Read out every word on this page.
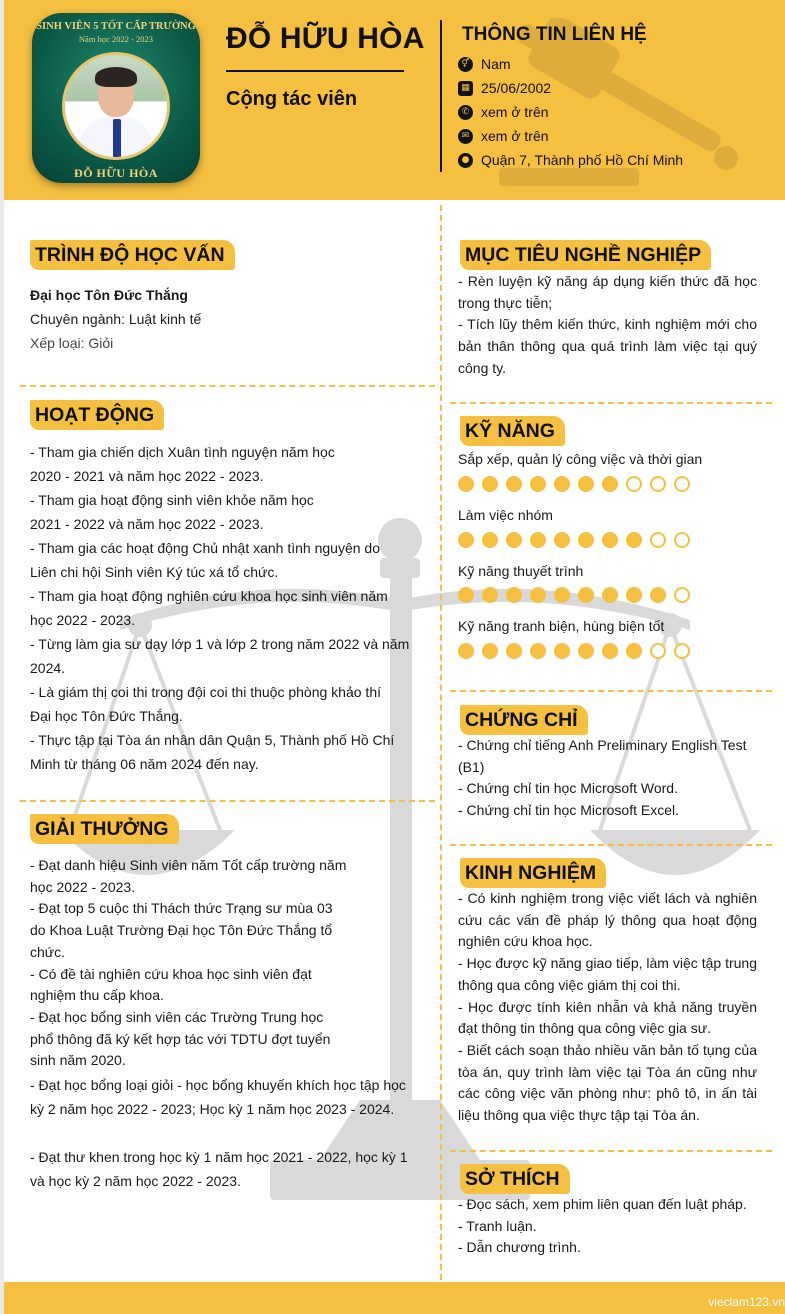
SINH VIÊN 5 TỐT CẤP TRƯỜNG
Năm học 2022 - 2023
ĐỖ HỮU HÒA
ĐỖ HỮU HÒA
Cộng tác viên
THÔNG TIN LIÊN HỆ
⚥ Nam
▦ 25/06/2002
✆ xem ở trên
✉ xem ở trên
● Quận 7, Thành phố Hồ Chí Minh
TRÌNH ĐỘ HỌC VẤN
Đại học Tôn Đức Thắng
Chuyên ngành: Luật kinh tế
Xếp loại: Giỏi
HOẠT ĐỘNG

- Tham gia chiến dịch Xuân tình nguyện năm học

2020 - 2021 và năm học 2022 - 2023.

- Tham gia hoạt động sinh viên khỏe năm học

2021 - 2022 và năm học 2022 - 2023.

- Tham gia các hoạt động Chủ nhật xanh tình nguyện do

Liên chi hội Sinh viên Ký túc xá tổ chức.

- Tham gia hoạt động nghiên cứu khoa học sinh viên năm

học 2022 - 2023.

- Từng làm gia sư dạy lớp 1 và lớp 2 trong năm 2022 và năm

2024.

- Là giám thị coi thi trong đội coi thi thuộc phòng khảo thí

Đại học Tôn Đức Thắng.

- Thực tập tại Tòa án nhân dân Quận 5, Thành phố Hồ Chí

Minh từ tháng 06 năm 2024 đến nay.

GIẢI THƯỞNG

- Đạt danh hiệu Sinh viên năm Tốt cấp trường năm

học 2022 - 2023.

- Đạt top 5 cuộc thi Thách thức Trạng sư mùa 03

do Khoa Luật Trường Đại học Tôn Đức Thắng tổ

chức.

- Có đề tài nghiên cứu khoa học sinh viên đạt

nghiệm thu cấp khoa.

- Đạt học bổng sinh viên các Trường Trung học

phổ thông đã ký kết hợp tác với TDTU đợt tuyển

sinh năm 2020.

- Đạt học bổng loại giỏi - học bổng khuyến khích học tập học

kỳ 2 năm học 2022 - 2023; Học kỳ 1 năm học 2023 - 2024.

- Đạt thư khen trong học kỳ 1 năm học 2021 - 2022, học kỳ 1

và học kỳ 2 năm học 2022 - 2023.

MỤC TIÊU NGHỀ NGHIỆP

- Rèn luyện kỹ năng áp dụng kiến thức đã học trong thực tiễn;

- Tích lũy thêm kiến thức, kinh nghiệm mới cho bản thân thông qua quá trình làm việc tại quý công ty.

KỸ NĂNG
Sắp xếp, quản lý công việc và thời gian
Làm việc nhóm
Kỹ năng thuyết trình
Kỹ năng tranh biện, hùng biện tốt
CHỨNG CHỈ

- Chứng chỉ tiếng Anh Preliminary English Test

(B1)

- Chứng chỉ tin học Microsoft Word.

- Chứng chỉ tin học Microsoft Excel.

KINH NGHIỆM

- Có kinh nghiệm trong việc viết lách và nghiên cứu các vấn đề pháp lý thông qua hoạt động nghiên cứu khoa học.

- Học được kỹ năng giao tiếp, làm việc tập trung thông qua công việc giám thị coi thi.

- Học được tính kiên nhẫn và khả năng truyền đạt thông tin thông qua công việc gia sư.

- Biết cách soạn thảo nhiều văn bản tố tụng của tòa án, quy trình làm việc tại Tòa án cũng như các công việc văn phòng như: phô tô, in ấn tài liệu thông qua việc thực tập tại Tòa án.

SỞ THÍCH

- Đọc sách, xem phim liên quan đến luật pháp.

- Tranh luận.

- Dẫn chương trình.

vieclam123.vn
